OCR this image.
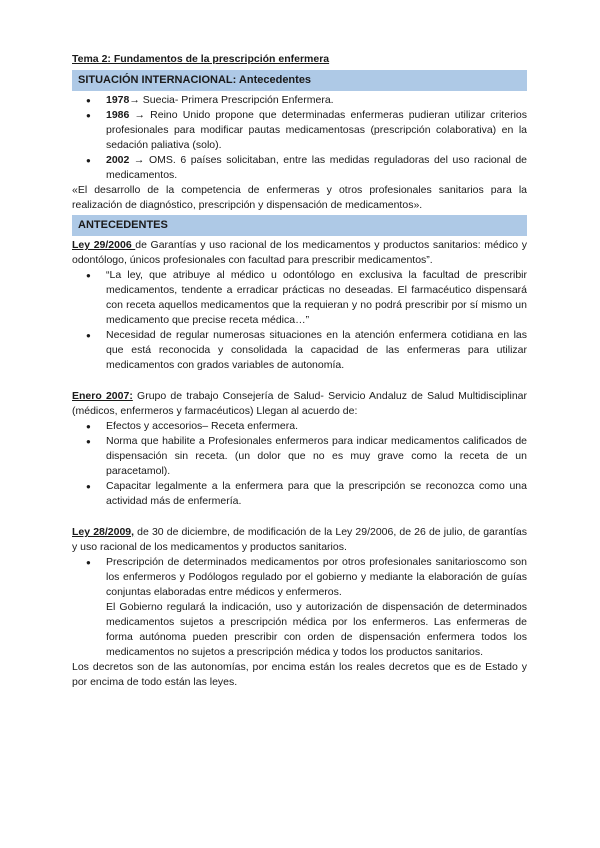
Tema 2: Fundamentos de la prescripción enfermera
SITUACIÓN INTERNACIONAL: Antecedentes
● 1978→ Suecia- Primera Prescripción Enfermera.
● 1986 → Reino Unido propone que determinadas enfermeras pudieran utilizar criterios profesionales para modificar pautas medicamentosas (prescripción colaborativa) en la sedación paliativa (solo).
● 2002 → OMS. 6 países solicitaban, entre las medidas reguladoras del uso racional de medicamentos.
«El desarrollo de la competencia de enfermeras y otros profesionales sanitarios para la realización de diagnóstico, prescripción y dispensación de medicamentos».
ANTECEDENTES
Ley 29/2006 de Garantías y uso racional de los medicamentos y productos sanitarios: médico y odontólogo, únicos profesionales con facultad para prescribir medicamentos”.
● “La ley, que atribuye al médico u odontólogo en exclusiva la facultad de prescribir medicamentos, tendente a erradicar prácticas no deseadas. El farmacéutico dispensará con receta aquellos medicamentos que la requieran y no podrá prescribir por sí mismo un medicamento que precise receta médica…”
● Necesidad de regular numerosas situaciones en la atención enfermera cotidiana en las que está reconocida y consolidada la capacidad de las enfermeras para utilizar medicamentos con grados variables de autonomía.
Enero 2007: Grupo de trabajo Consejería de Salud- Servicio Andaluz de Salud Multidisciplinar (médicos, enfermeros y farmacéuticos) Llegan al acuerdo de:
● Efectos y accesorios– Receta enfermera.
● Norma que habilite a Profesionales enfermeros para indicar medicamentos calificados de dispensación sin receta. (un dolor que no es muy grave como la receta de un paracetamol).
● Capacitar legalmente a la enfermera para que la prescripción se reconozca como una actividad más de enfermería.
Ley 28/2009, de 30 de diciembre, de modificación de la Ley 29/2006, de 26 de julio, de garantías y uso racional de los medicamentos y productos sanitarios.
● Prescripción de determinados medicamentos por otros profesionales sanitarioscomo son los enfermeros y Podólogos regulado por el gobierno y mediante la elaboración de guías conjuntas elaboradas entre médicos y enfermeros.
El Gobierno regulará la indicación, uso y autorización de dispensación de determinados medicamentos sujetos a prescripción médica por los enfermeros. Las enfermeras de forma autónoma pueden prescribir con orden de dispensación enfermera todos los medicamentos no sujetos a prescripción médica y todos los productos sanitarios.
Los decretos son de las autonomías, por encima están los reales decretos que es de Estado y por encima de todo están las leyes.
